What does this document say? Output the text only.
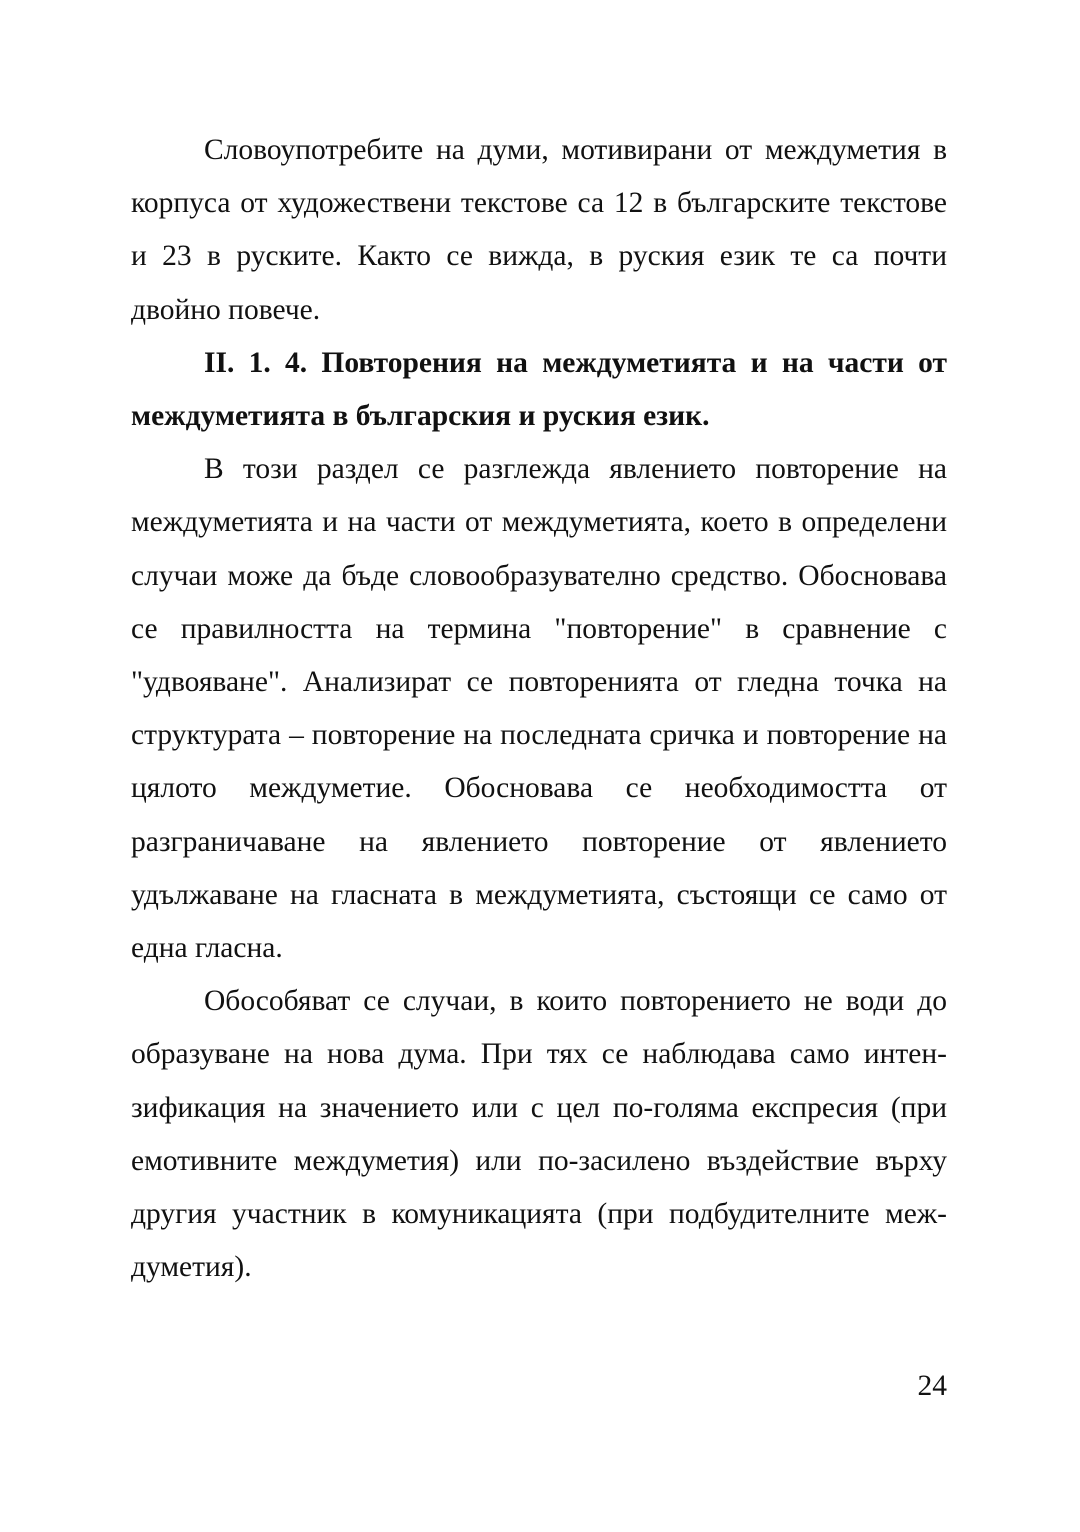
Словоупотребите на думи, мотивирани от междуметия в корпуса от художествени текстове са 12 в българските текстове и 23 в руските. Както се вижда, в руския език те са почти двойно повече.

II. 1. 4. Повторения на междуметията и на части от междуметията в българския и руския език.

В този раздел се разглежда явлението повторение на междуметията и на части от междуметията, което в определени случаи може да бъде словообразувателно средство. Обосновава се правилността на термина "повторение" в сравнение с "удвояване". Анализират се повторенията от гледна точка на структурата – повторение на последната сричка и повторение на цялото междуметие. Обосновава се необходимостта от разграничаване на явлението повторение от явлението удължаване на гласната в междуметията, състоящи се само от една гласна.

Обособяват се случаи, в които повторението не води до образуване на нова дума. При тях се наблюдава само интензификация на значението или с цел по-голяма експресия (при емотивните междуметия) или по-засилено въздействие върху другия участник в комуникацията (при подбудителните междуметия).

24
